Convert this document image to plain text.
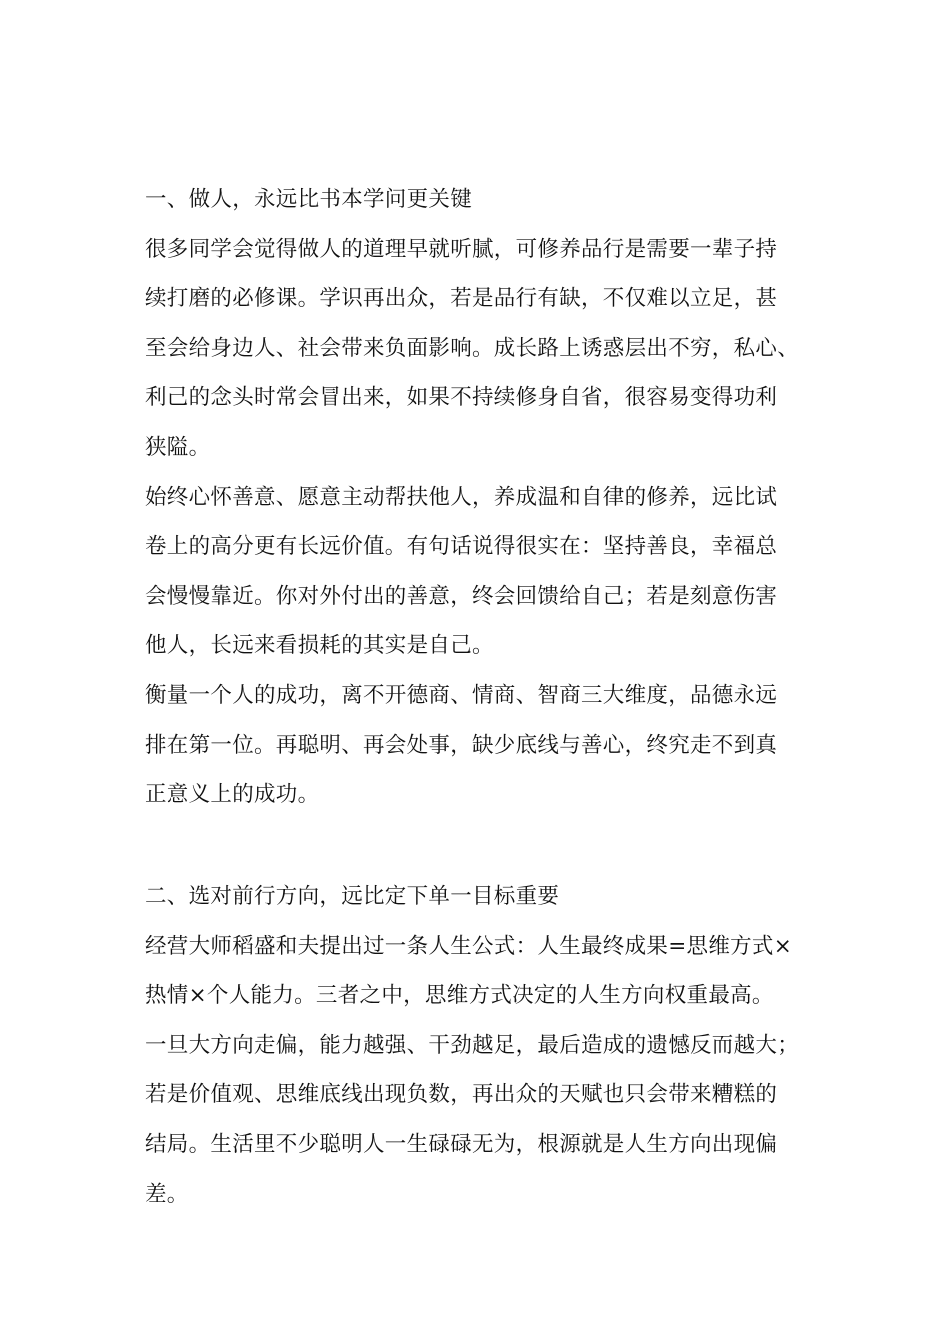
一、做人，永远比书本学问更关键
很多同学会觉得做人的道理早就听腻，可修养品行是需要一辈子持
续打磨的必修课。学识再出众，若是品行有缺，不仅难以立足，甚
至会给身边人、社会带来负面影响。成长路上诱惑层出不穷，私心、
利己的念头时常会冒出来，如果不持续修身自省，很容易变得功利
狭隘。
始终心怀善意、愿意主动帮扶他人，养成温和自律的修养，远比试
卷上的高分更有长远价值。有句话说得很实在：坚持善良，幸福总
会慢慢靠近。你对外付出的善意，终会回馈给自己；若是刻意伤害
他人，长远来看损耗的其实是自己。
衡量一个人的成功，离不开德商、情商、智商三大维度，品德永远
排在第一位。再聪明、再会处事，缺少底线与善心，终究走不到真
正意义上的成功。
二、选对前行方向，远比定下单一目标重要
经营大师稻盛和夫提出过一条人生公式：人生最终成果=思维方式×
热情×个人能力。三者之中，思维方式决定的人生方向权重最高。
一旦大方向走偏，能力越强、干劲越足，最后造成的遗憾反而越大；
若是价值观、思维底线出现负数，再出众的天赋也只会带来糟糕的
结局。生活里不少聪明人一生碌碌无为，根源就是人生方向出现偏
差。
